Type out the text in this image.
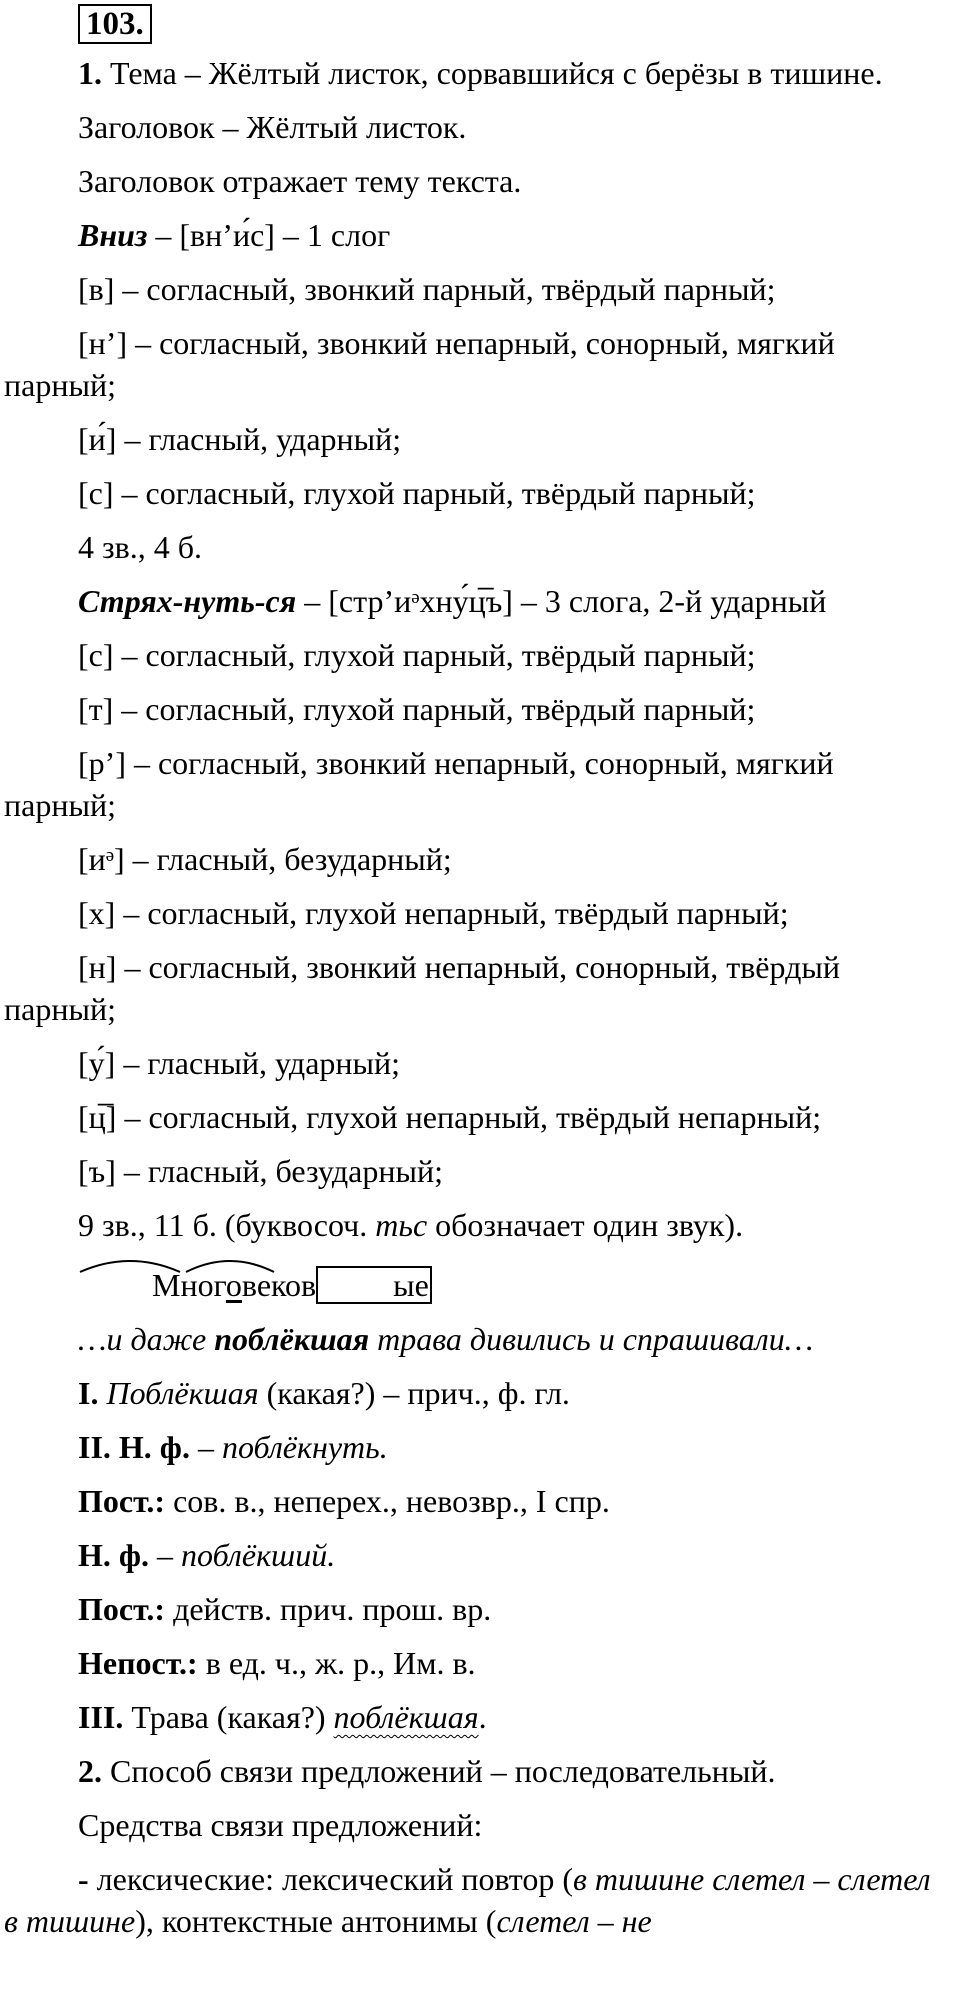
103.

1. Тема – Жёлтый листок, сорвавшийся с берёзы в тишине.

Заголовок – Жёлтый листок.

Заголовок отражает тему текста.

Вниз – [вн’и́с] – 1 слог

[в] – согласный, звонкий парный, твёрдый парный;

[н’] – согласный, звонкий непарный, сонорный, мягкий парный;

[и́] – гласный, ударный;

[с] – согласный, глухой парный, твёрдый парный;

4 зв., 4 б.

Стрях-нуть-ся – [стр’иᵊхну́ц̅ъ] – 3 слога, 2-й ударный

[с] – согласный, глухой парный, твёрдый парный;

[т] – согласный, глухой парный, твёрдый парный;

[р’] – согласный, звонкий непарный, сонорный, мягкий парный;

[иᵊ] – гласный, безударный;

[х] – согласный, глухой непарный, твёрдый парный;

[н] – согласный, звонкий непарный, сонорный, твёрдый парный;

[у́] – гласный, ударный;

[ц̅] – согласный, глухой непарный, твёрдый непарный;

[ъ] – гласный, безударный;

9 зв., 11 б. (буквосоч. тьс обозначает один звук).

Многовеков ые

…и даже поблёкшая трава дивились и спрашивали…

I. Поблёкшая (какая?) – прич., ф. гл.

II. Н. ф. – поблёкнуть.

Пост.: сов. в., неперех., невозвр., I спр.

Н. ф. – поблёкший.

Пост.: действ. прич. прош. вр.

Непост.: в ед. ч., ж. р., Им. в.

III. Трава (какая?) поблёкшая.

2. Способ связи предложений – последовательный.

Средства связи предложений:

- лексические: лексический повтор (в тишине слетел – слетел в тишине), контекстные антонимы (слетел – не
